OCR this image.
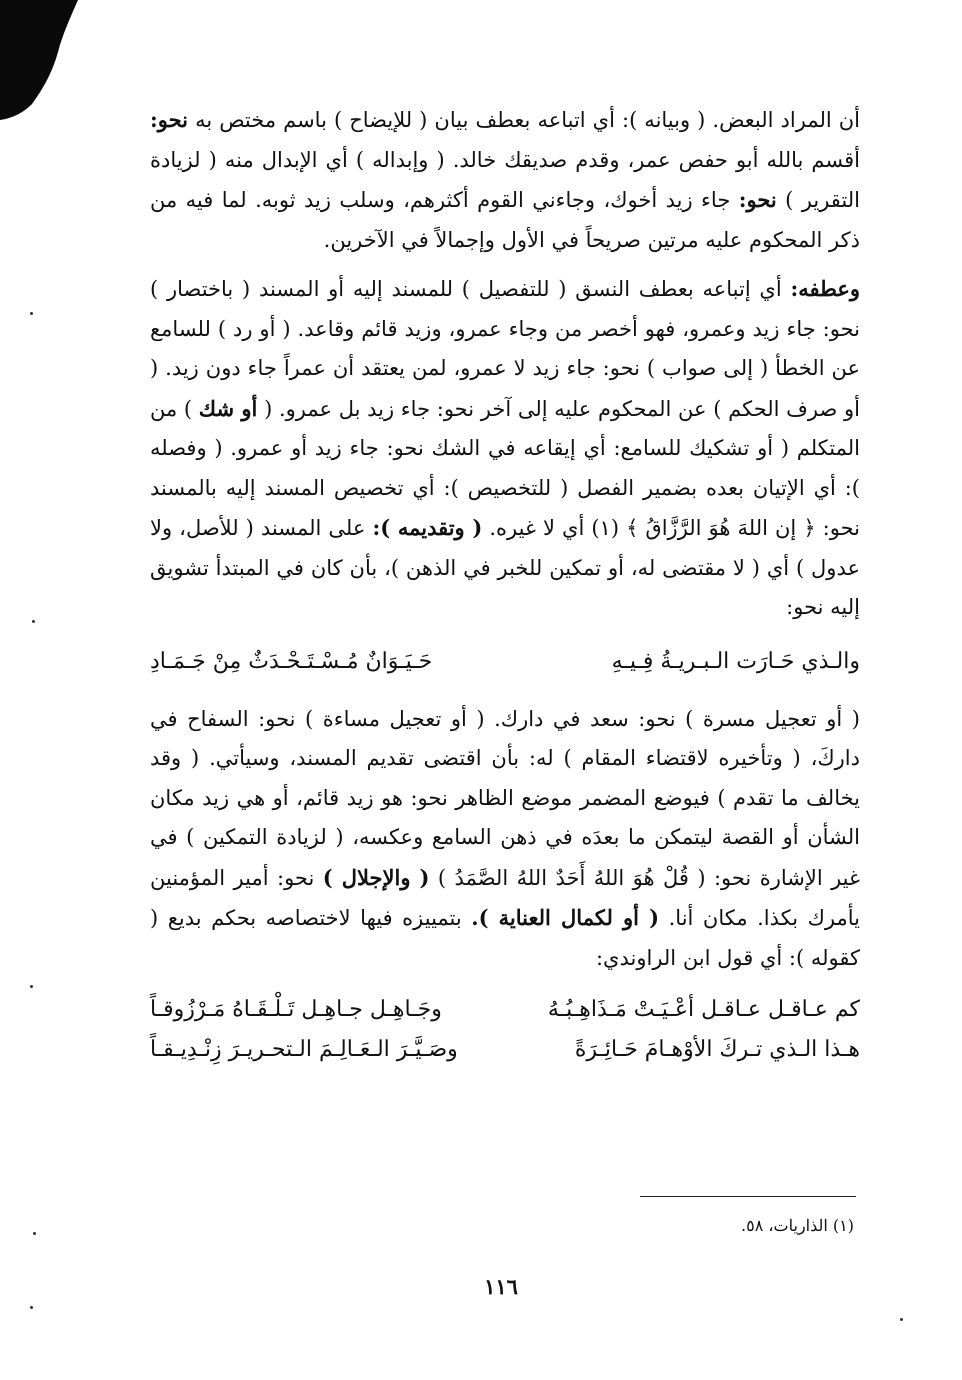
أن المراد البعض. ( وبيانه ): أي اتباعه بعطف بيان ( للإيضاح ) باسم مختص به نحو: أقسم بالله أبو حفص عمر، وقدم صديقك خالد. ( وإبداله ) أي الإبدال منه ( لزيادة التقرير ) نحو: جاء زيد أخوك، وجاءني القوم أكثرهم، وسلب زيد ثوبه. لما فيه من ذكر المحكوم عليه مرتين صريحاً في الأول وإجمالاً في الآخرين.

وعطفه: أي إتباعه بعطف النسق ( للتفصيل ) للمسند إليه أو المسند ( باختصار ) نحو: جاء زيد وعمرو، فهو أخصر من وجاء عمرو، وزيد قائم وقاعد. ( أو رد ) للسامع عن الخطأ ( إلى صواب ) نحو: جاء زيد لا عمرو، لمن يعتقد أن عمراً جاء دون زيد. ( أو صرف الحكم ) عن المحكوم عليه إلى آخر نحو: جاء زيد بل عمرو. ( أو شك ) من المتكلم ( أو تشكيك للسامع: أي إيقاعه في الشك نحو: جاء زيد أو عمرو. ( وفصله ): أي الإتيان بعده بضمير الفصل ( للتخصيص ): أي تخصيص المسند إليه بالمسند نحو: ﴿ إن اللهَ هُوَ الرَّزَّاقُ ﴾ (١) أي لا غيره. ( وتقديمه ): على المسند ( للأصل، ولا عدول ) أي ( لا مقتضى له، أو تمكين للخبر في الذهن )، بأن كان في المبتدأ تشويق إليه نحو:

والـذي حَـارَت الـبـريـةُ فِـيـهِ
حَـيَـوَانٌ مُـسْـتَـحْـدَثٌ مِنْ جَـمَـادِ

( أو تعجيل مسرة ) نحو: سعد في دارك. ( أو تعجيل مساءة ) نحو: السفاح في داركَ، ( وتأخيره لاقتضاء المقام ) له: بأن اقتضى تقديم المسند، وسيأتي. ( وقد يخالف ما تقدم ) فيوضع المضمر موضع الظاهر نحو: هو زيد قائم، أو هي زيد مكان الشأن أو القصة ليتمكن ما بعدَه في ذهن السامع وعكسه، ( لزيادة التمكين ) في غير الإشارة نحو: ( قُلْ هُوَ اللهُ أَحَدٌ اللهُ الصَّمَدُ ) ( والإجلال ) نحو: أمير المؤمنين يأمرك بكذا. مكان أنا. ( أو لكمال العناية ). بتمييزه فيها لاختصاصه بحكم بديع ( كقوله ): أي قول ابن الراوندي:

كم عـاقـل عـاقـل أعْـيَـتْ مَـذَاهِـبُـهُ
وجَـاهِـل جـاهِـل تَـلْـقَـاهُ مَـرْزُوقـاً
هـذا الـذي تـركَ الأوْهـامَ حَـائِـرَةً
وصَـيَّـرَ الـعَـالِـمَ الـتحـريـرَ زِنْـدِيـقـاً
(١) الذاريات، ٥٨.
١١٦
